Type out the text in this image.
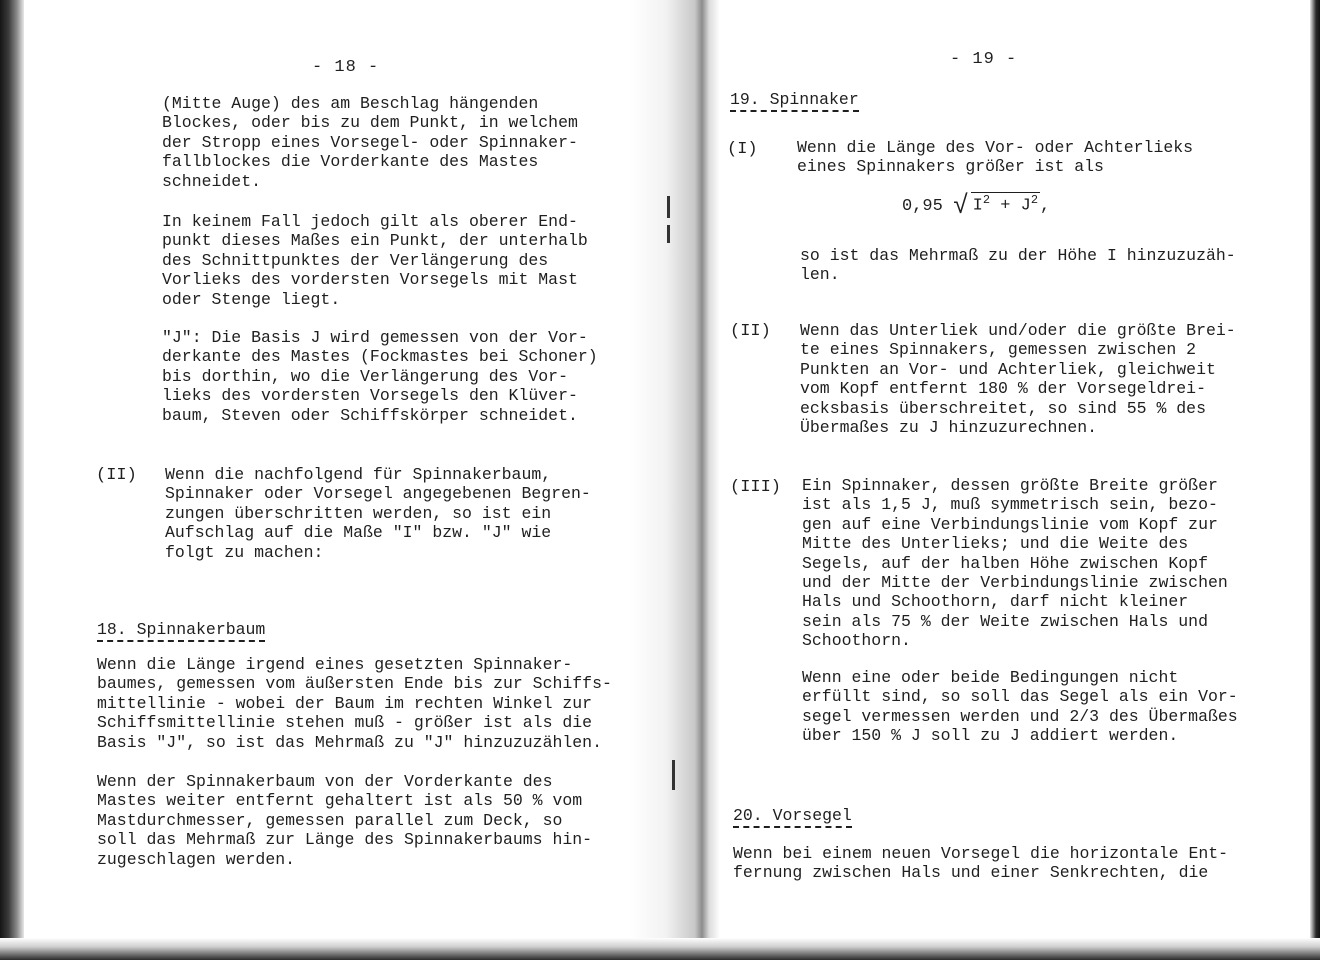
- 18 -
(Mitte Auge) des am Beschlag hängenden
Blockes, oder bis zu dem Punkt, in welchem
der Stropp eines Vorsegel- oder Spinnaker-
fallblockes die Vorderkante des Mastes
schneidet.
In keinem Fall jedoch gilt als oberer End-
punkt dieses Maßes ein Punkt, der unterhalb
des Schnittpunktes der Verlängerung des
Vorlieks des vordersten Vorsegels mit Mast
oder Stenge liegt.
"J": Die Basis J wird gemessen von der Vor-
derkante des Mastes (Fockmastes bei Schoner)
bis dorthin, wo die Verlängerung des Vor-
lieks des vordersten Vorsegels den Klüver-
baum, Steven oder Schiffskörper schneidet.
(II) Wenn die nachfolgend für Spinnakerbaum,
Spinnaker oder Vorsegel angegebenen Begren-
zungen überschritten werden, so ist ein
Aufschlag auf die Maße "I" bzw. "J" wie
folgt zu machen:
18. Spinnakerbaum
Wenn die Länge irgend eines gesetzten Spinnaker-
baumes, gemessen vom äußersten Ende bis zur Schiffs-
mittellinie - wobei der Baum im rechten Winkel zur
Schiffsmittellinie stehen muß - größer ist als die
Basis "J", so ist das Mehrmaß zu "J" hinzuzuzählen.
Wenn der Spinnakerbaum von der Vorderkante des
Mastes weiter entfernt gehaltert ist als 50 % vom
Mastdurchmesser, gemessen parallel zum Deck, so
soll das Mehrmaß zur Länge des Spinnakerbaums hin-
zugeschlagen werden.
- 19 -
19. Spinnaker
(I) Wenn die Länge des Vor- oder Achterlieks
eines Spinnakers größer ist als
0,95 √ $I^2 + J^2$ ,
so ist das Mehrmaß zu der Höhe I hinzuzuzäh-
len.
(II) Wenn das Unterliek und/oder die größte Brei-
te eines Spinnakers, gemessen zwischen 2
Punkten an Vor- und Achterliek, gleichweit
vom Kopf entfernt 180 % der Vorsegeldrei-
ecksbasis überschreitet, so sind 55 % des
Übermaßes zu J hinzuzurechnen.
(III) Ein Spinnaker, dessen größte Breite größer
ist als 1,5 J, muß symmetrisch sein, bezo-
gen auf eine Verbindungslinie vom Kopf zur
Mitte des Unterlieks; und die Weite des
Segels, auf der halben Höhe zwischen Kopf
und der Mitte der Verbindungslinie zwischen
Hals und Schoothorn, darf nicht kleiner
sein als 75 % der Weite zwischen Hals und
Schoothorn.
Wenn eine oder beide Bedingungen nicht
erfüllt sind, so soll das Segel als ein Vor-
segel vermessen werden und 2/3 des Übermaßes
über 150 % J soll zu J addiert werden.
20. Vorsegel
Wenn bei einem neuen Vorsegel die horizontale Ent-
fernung zwischen Hals und einer Senkrechten, die
